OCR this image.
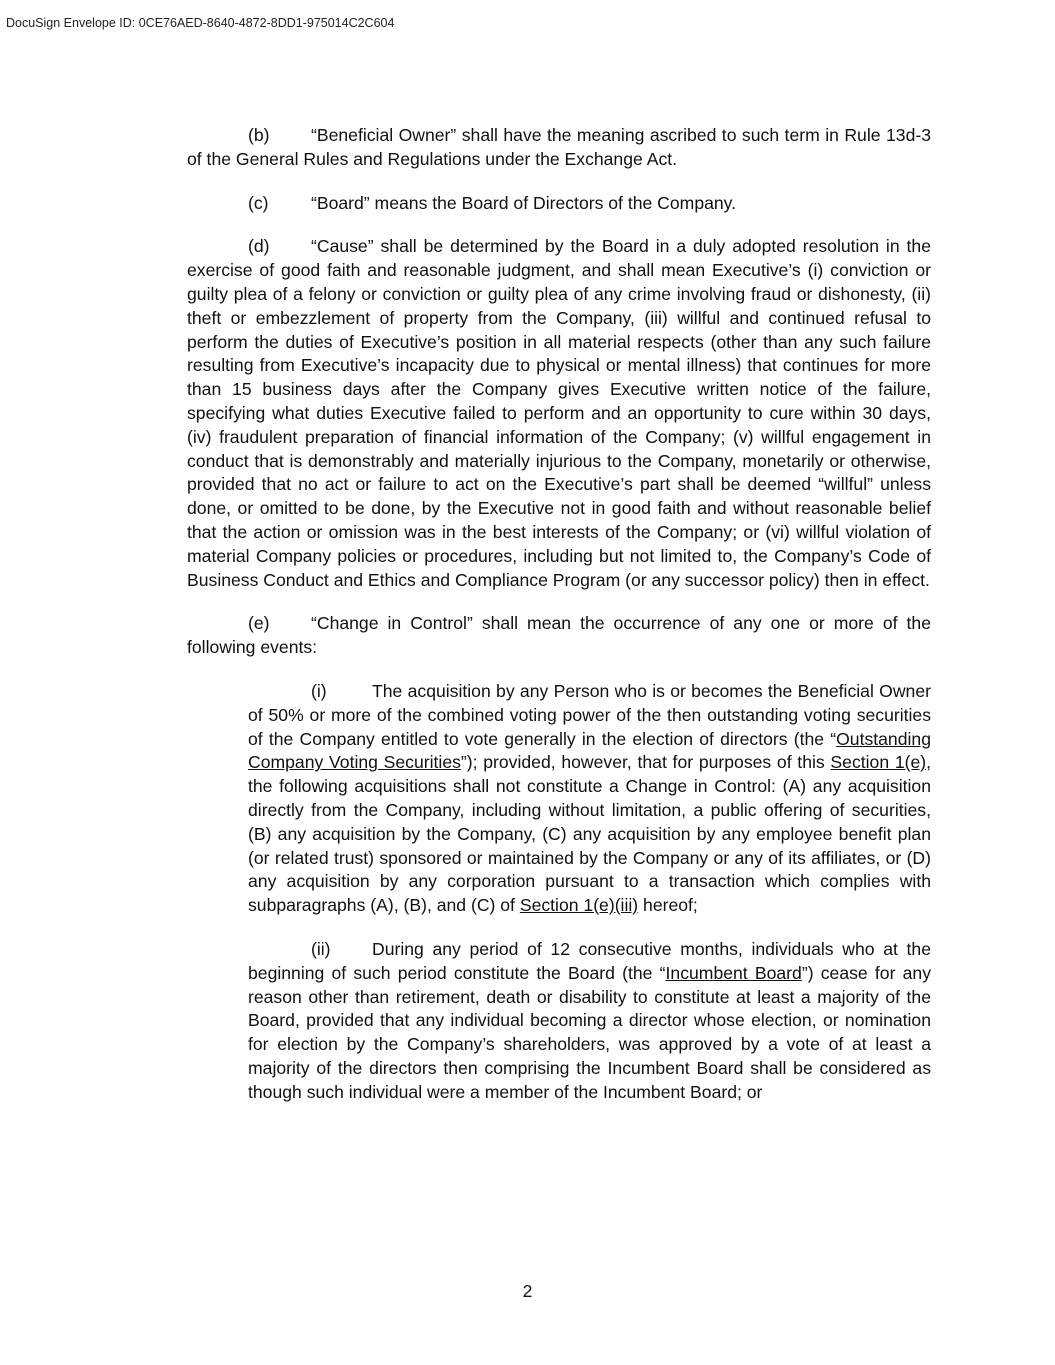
DocuSign Envelope ID: 0CE76AED-8640-4872-8DD1-975014C2C604

(b) “Beneficial Owner” shall have the meaning ascribed to such term in Rule 13d-3 of the General Rules and Regulations under the Exchange Act.

(c) “Board” means the Board of Directors of the Company.

(d) “Cause” shall be determined by the Board in a duly adopted resolution in the exercise of good faith and reasonable judgment, and shall mean Executive’s (i) conviction or guilty plea of a felony or conviction or guilty plea of any crime involving fraud or dishonesty, (ii) theft or embezzlement of property from the Company, (iii) willful and continued refusal to perform the duties of Executive’s position in all material respects (other than any such failure resulting from Executive’s incapacity due to physical or mental illness) that continues for more than 15 business days after the Company gives Executive written notice of the failure, specifying what duties Executive failed to perform and an opportunity to cure within 30 days, (iv) fraudulent preparation of financial information of the Company; (v) willful engagement in conduct that is demonstrably and materially injurious to the Company, monetarily or otherwise, provided that no act or failure to act on the Executive’s part shall be deemed “willful” unless done, or omitted to be done, by the Executive not in good faith and without reasonable belief that the action or omission was in the best interests of the Company; or (vi) willful violation of material Company policies or procedures, including but not limited to, the Company’s Code of Business Conduct and Ethics and Compliance Program (or any successor policy) then in effect.

(e) “Change in Control” shall mean the occurrence of any one or more of the following events:

(i)	The acquisition by any Person who is or becomes the Beneficial Owner of 50% or more of the combined voting power of the then outstanding voting securities of the Company entitled to vote generally in the election of directors (the “Outstanding Company Voting Securities”); provided, however, that for purposes of this Section 1(e), the following acquisitions shall not constitute a Change in Control: (A) any acquisition directly from the Company, including without limitation, a public offering of securities, (B) any acquisition by the Company, (C) any acquisition by any employee benefit plan (or related trust) sponsored or maintained by the Company or any of its affiliates, or (D) any acquisition by any corporation pursuant to a transaction which complies with subparagraphs (A), (B), and (C) of Section 1(e)(iii) hereof;

(ii) During any period of 12 consecutive months, individuals who at the beginning of such period constitute the Board (the “Incumbent Board”) cease for any reason other than retirement, death or disability to constitute at least a majority of the Board, provided that any individual becoming a director whose election, or nomination for election by the Company’s shareholders, was approved by a vote of at least a majority of the directors then comprising the Incumbent Board shall be considered as though such individual were a member of the Incumbent Board; or

2
